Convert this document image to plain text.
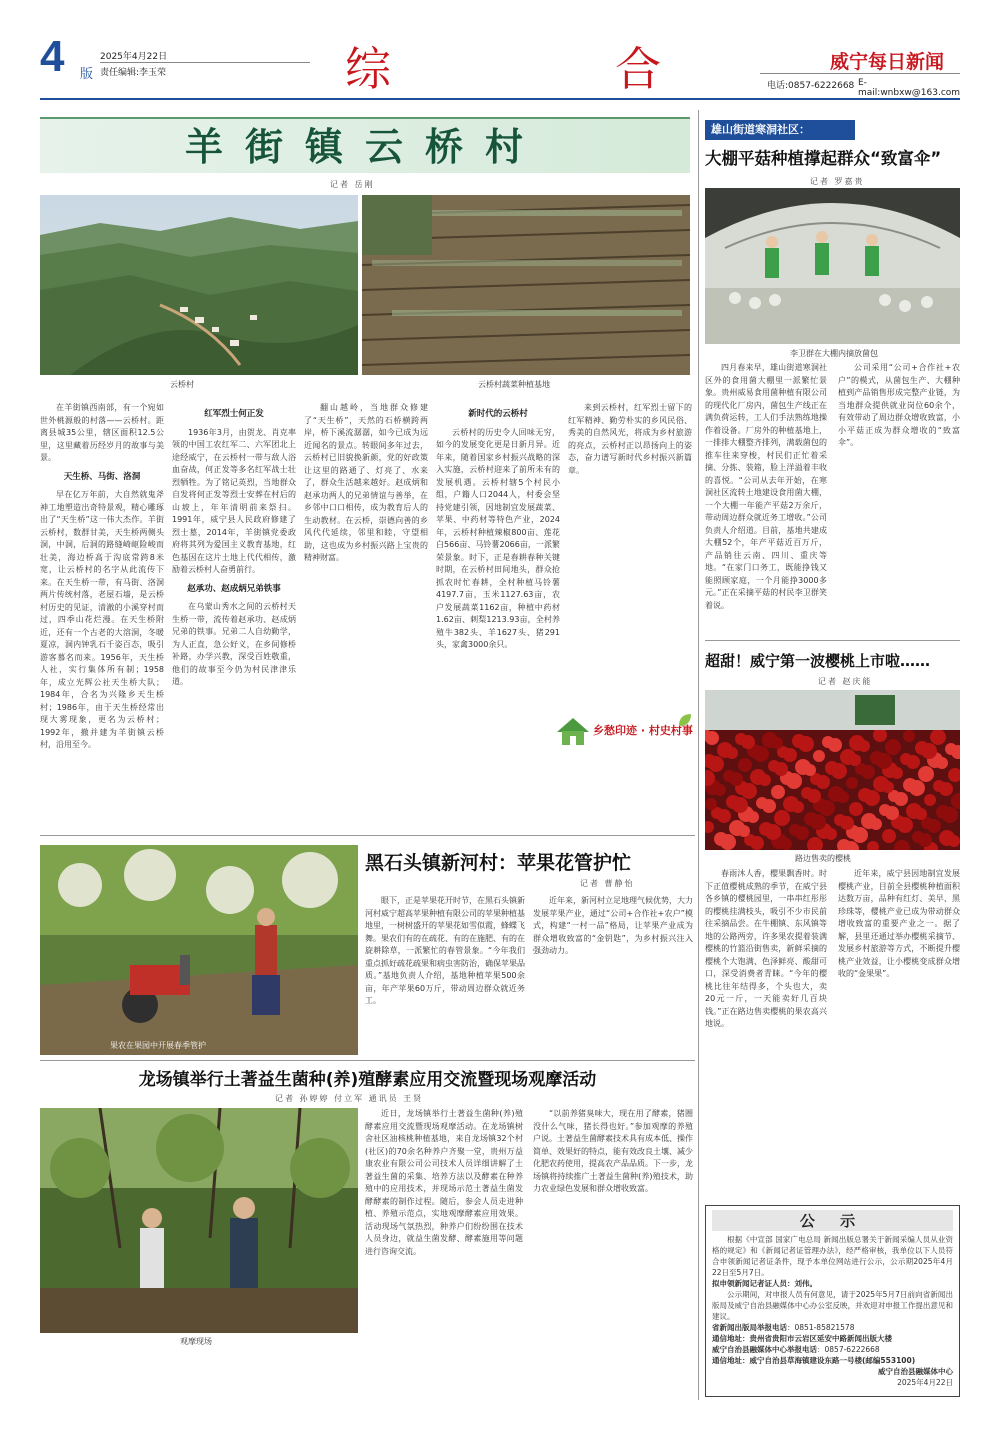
4 版
2025年4月22日
责任编辑:李玉荣	综	合	威宁每日新闻
电话:0857-6222668 E-mail:wnbxw@163.com
羊街镇云桥村
记者 岳刚
云桥村	云桥村蔬菜种植基地
在羊街镇西南部，有一个宛如世外桃源般的村落——云桥村。距离县城35公里，辖区面积12.5公里，这里藏着历经岁月的故事与美景。
天生桥、马街、洛洞
早在亿万年前，大自然就鬼斧神工地塑造出奇特景观，精心雕琢出了“天生桥”这一伟大杰作。羊街云桥村，数群甘美，天生桥两侧头洞，中洞，后洞的路缝崎岖险峻而壮美，海边桥高于沟底常跨8米宽，让云桥村的名字从此流传下来。在天生桥一带，有马街、洛洞两片传统村落，老屋石墙，是云桥村历史的见证，清澈的小溪穿村而过，四季山花烂漫。在天生桥附近，还有一个古老的大溶洞，冬暖夏凉，洞内钟乳石千姿百态，吸引游客慕名而来。1956年，天生桥人社，实行集体所有制；1958年，成立光辉公社天生桥大队；1984年，合名为兴隆乡天生桥村；1986年，由于天生桥经常出现大雾现象，更名为云桥村；1992年，撤并建为羊街镇云桥村，沿用至今。
红军烈士何正发
1936年3月，由贺龙、肖克率领的中国工农红军二、六军团北上途经威宁，在云桥村一带与敌人浴血奋战，何正发等多名红军战士壮烈牺牲。为了铭记英烈，当地群众自发将何正发等烈士安葬在村后的山坡上，年年清明前来祭扫。1991年，威宁县人民政府修建了烈士墓，2014年，羊街镇党委政府将其列为爱国主义教育基地，红色基因在这片土地上代代相传，激励着云桥村人奋勇前行。
赵承功、赵成炳兄弟铁事
在乌蒙山秀水之间的云桥村天生桥一带，流传着赵承功、赵成炳兄弟的铁事。兄弟二人自幼勤学，为人正直，急公好义，在乡间修桥补路，办学兴教，深受百姓敬重，他们的故事至今仍为村民津津乐道。
翻山越岭，当地群众修建了“天生桥”，天然的石桥横跨两岸，桥下溪流潺潺，如今已成为远近闻名的景点。转眼间多年过去，云桥村已旧貌换新颜，党的好政策让这里的路通了、灯亮了、水来了，群众生活越来越好。赵成炳和赵承功两人的兄弟情谊与善举，在乡邻中口口相传，成为教育后人的生动教材。在云桥，崇德向善的乡风代代延续，邻里和睦，守望相助，这也成为乡村振兴路上宝贵的精神财富。
新时代的云桥村
云桥村的历史令人回味无穷，如今的发展变化更是日新月异。近年来，随着国家乡村振兴战略的深入实施，云桥村迎来了前所未有的发展机遇。云桥村辖5个村民小组，户籍人口2044人，村委会坚持党建引领，因地制宜发展蔬菜、苹果、中药材等特色产业，2024年，云桥村种植辣椒800亩、莲花白566亩、马铃薯2066亩，一派繁荣景象。时下，正是春耕春种关键时期，在云桥村田间地头，群众抢抓农时忙春耕，全村种植马铃薯4197.7亩，玉米1127.63亩，农户发展蔬菜1162亩，种植中药材1.62亩、刺梨1213.93亩，全村养殖牛382头、羊1627头、猪291头，家禽3000余只。
来到云桥村，红军烈士留下的红军精神、勤劳朴实的乡风民俗、秀美的自然风光，将成为乡村旅游的亮点，云桥村正以昂扬向上的姿态，奋力谱写新时代乡村振兴新篇章。
乡愁印迹 · 村史村事
雄山街道寒洞社区：
大棚平菇种植撑起群众“致富伞”
记者 罗嘉贵
李卫群在大棚内摘放菌包
四月春来早，雄山街道寒洞社区外的食用菌大棚里一派繁忙景象。贵州威易食用菌种植有限公司的现代化厂房内，菌包生产线正在满负荷运转，工人们手法熟练地操作着设备。厂房外的种植基地上，一排排大棚整齐排列，满载菌包的推车往来穿梭，村民们正忙着采摘、分拣、装箱，脸上洋溢着丰收的喜悦。“公司从去年开始，在寒洞社区流转土地建设食用菌大棚，一个大棚一年能产平菇2万余斤，带动周边群众就近务工增收。”公司负责人介绍道。目前，基地共建成大棚52个，年产平菇近百万斤，产品销往云南、四川、重庆等地。“在家门口务工，既能挣钱又能照顾家庭，一个月能挣3000多元。”正在采摘平菇的村民李卫群笑着说。
公司采用“公司+合作社+农户”的模式，从菌包生产、大棚种植到产品销售形成完整产业链，为当地群众提供就业岗位60余个，有效带动了周边群众增收致富，小小平菇正成为群众增收的“致富伞”。
超甜！威宁第一波樱桃上市啦……
记者 赵庆能
路边售卖的樱桃
春雨沐人香，樱果飘香时。时下正值樱桃成熟的季节，在威宁县各乡镇的樱桃园里，一串串红彤彤的樱桃挂满枝头，吸引不少市民前往采摘品尝。在牛棚镇、东风镇等地的公路两旁，许多果农提着装满樱桃的竹篮沿街售卖，新鲜采摘的樱桃个大饱满、色泽鲜亮、酸甜可口，深受消费者青睐。“今年的樱桃比往年结得多，个头也大，卖20元一斤，一天能卖好几百块钱。”正在路边售卖樱桃的果农高兴地说。
近年来，威宁县因地制宜发展樱桃产业，目前全县樱桃种植面积达数万亩，品种有红灯、美早、黑珍珠等，樱桃产业已成为带动群众增收致富的重要产业之一。据了解，县里还通过举办樱桃采摘节、发展乡村旅游等方式，不断提升樱桃产业效益，让小樱桃变成群众增收的“金果果”。
公 示
根据《中宣部 国家广电总局 新闻出版总署关于新闻采编人员从业资格的规定》和《新闻记者证管理办法》，经严格审核，我单位以下人员符合申领新闻记者证条件，现予本单位网站进行公示，公示期2025年4月22日至5月7日。
拟申领新闻记者证人员：刘伟。
公示期间，对申报人员有何意见，请于2025年5月7日前向省新闻出版局及威宁自治县融媒体中心办公室反映，并欢迎对申报工作提出意见和建议。
省新闻出版局举报电话：0851-85821578
通信地址：贵州省贵阳市云岩区延安中路新闻出版大楼
威宁自治县融媒体中心举报电话：0857-6222668
通信地址：威宁自治县草海镇建设东路一号楼(邮编553100)
威宁自治县融媒体中心
2025年4月22日
果农在果园中开展春季管护
黑石头镇新河村：苹果花管护忙
记者 曹静怡
眼下，正是苹果花开时节，在黑石头镇新河村威宁超高苹果种植有限公司的苹果种植基地里，一树树盛开的苹果花如雪似霞，蜂蝶飞舞。果农们有的在疏花、有的在施肥、有的在旋耕除草，一派繁忙的春管景象。“今年我们重点抓好疏花疏果和病虫害防治，确保苹果品质。”基地负责人介绍，基地种植苹果500余亩，年产苹果60万斤，带动周边群众就近务工。
近年来，新河村立足地理气候优势，大力发展苹果产业，通过“公司+合作社+农户”模式，构建“一村一品”格局，让苹果产业成为群众增收致富的“金钥匙”，为乡村振兴注入强劲动力。
龙场镇举行土著益生菌种(养)殖酵素应用交流暨现场观摩活动
记者 孙婷婷 付立军 通讯员 王贤
观摩现场
近日，龙场镇举行土著益生菌种(养)殖酵素应用交流暨现场观摩活动。在龙场镇树舍社区油核桃种植基地，来自龙场镇32个村(社区)的70余名种养户齐聚一堂，贵州万益康农业有限公司公司技术人员详细讲解了土著益生菌的采集、培养方法以及酵素在种养殖中的应用技术，并现场示范土著益生菌发酵酵素的制作过程。随后，参会人员走进种植、养殖示范点，实地观摩酵素应用效果。活动现场气氛热烈，种养户们纷纷围在技术人员身边，就益生菌发酵、酵素施用等问题进行咨询交流。
“以前养猪臭味大，现在用了酵素，猪圈没什么气味，猪长得也好。”参加观摩的养殖户说。土著益生菌酵素技术具有成本低、操作简单、效果好的特点，能有效改良土壤、减少化肥农药使用，提高农产品品质。下一步，龙场镇将持续推广土著益生菌种(养)殖技术，助力农业绿色发展和群众增收致富。
